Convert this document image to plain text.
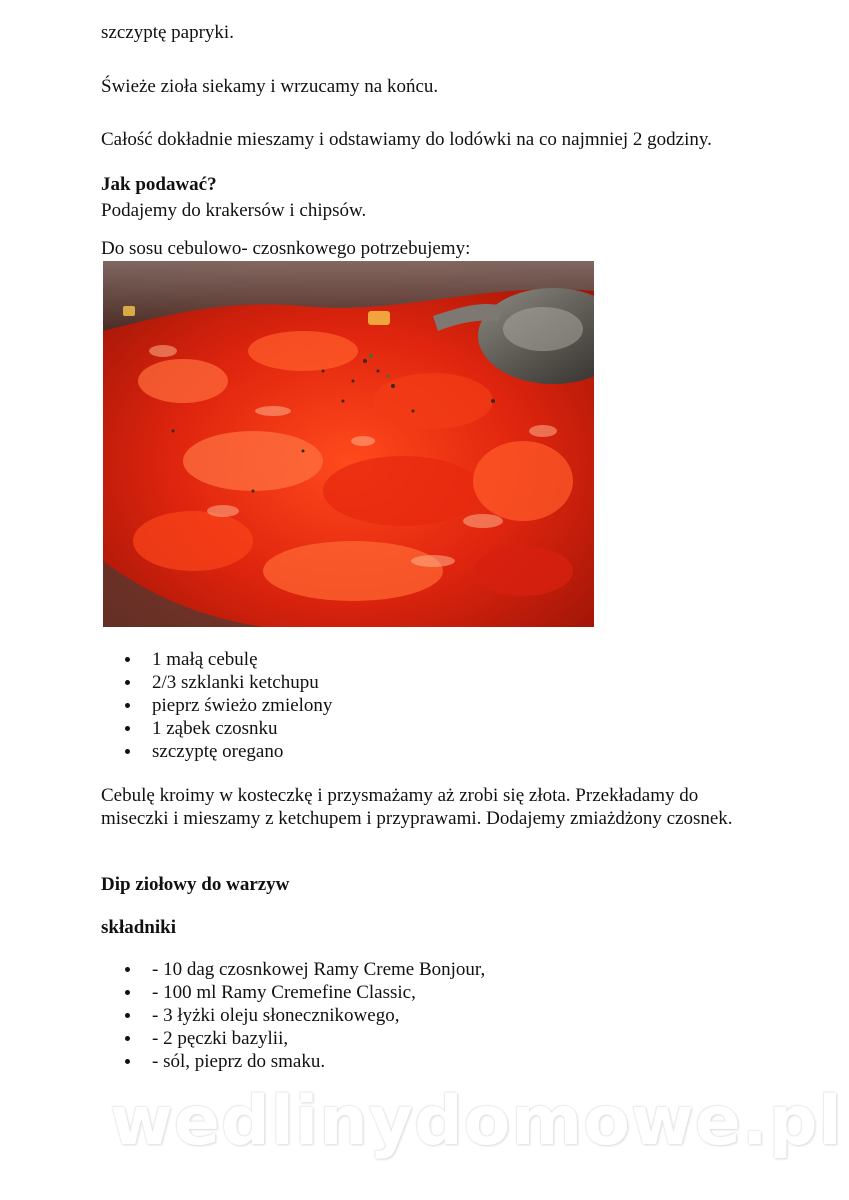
szczyptę papryki.

Świeże zioła siekamy i wrzucamy na końcu.

Całość dokładnie mieszamy i odstawiamy do lodówki na co najmniej 2 godziny.

Jak podawać?

Podajemy do krakersów i chipsów.

Do sosu cebulowo- czosnkowego potrzebujemy:

1 małą cebulę
2/3 szklanki ketchupu
pieprz świeżo zmielony
1 ząbek czosnku
szczyptę oregano

Cebulę kroimy w kosteczkę i przysmażamy aż zrobi się złota. Przekładamy do miseczki i mieszamy z ketchupem i przyprawami. Dodajemy zmiażdżony czosnek.

Dip ziołowy do warzyw

składniki

- 10 dag czosnkowej Ramy Creme Bonjour,
- 100 ml Ramy Cremefine Classic,
- 3 łyżki oleju słonecznikowego,
- 2 pęczki bazylii,
- sól, pieprz do smaku.
wedlinydomowe.pl
